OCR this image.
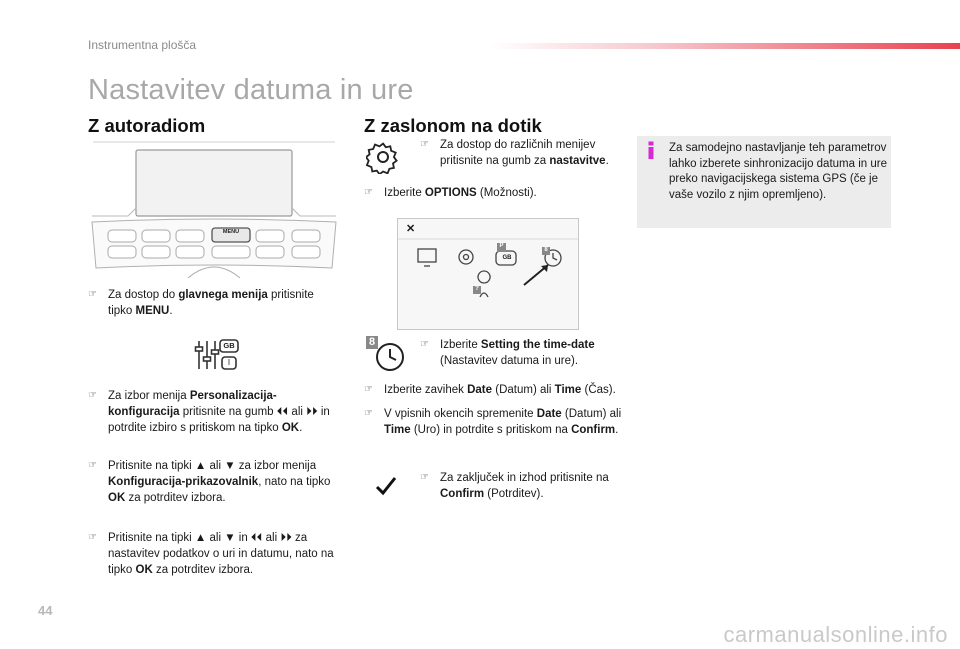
Instrumentna plošča
Nastavitev datuma in ure
Z autoradiom
MENU
☞ Za dostop do glavnega menija pritisnite tipko MENU.
GB
I
☞ Za izbor menija Personalizacija-konfiguracija pritisnite na gumb ⏴⏴ ali ⏵⏵ in potrdite izbiro s pritiskom na tipko OK.
☞ Pritisnite na tipki ▲ ali ▼ za izbor menija Konfiguracija-prikazovalnik, nato na tipko OK za potrditev izbora.
☞ Pritisnite na tipki ▲ ali ▼ in ⏴⏴ ali ⏵⏵ za nastavitev podatkov o uri in datumu, nato na tipko OK za potrditev izbora.
Z zaslonom na dotik
☞ Za dostop do različnih menijev pritisnite na gumb za nastavitve.
☞ Izberite OPTIONS (Možnosti).
✕
P
GB
8
?
8	☞ Izberite Setting the time-date (Nastavitev datuma in ure).
☞ Izberite zavihek Date (Datum) ali Time (Čas).
☞ V vpisnih okencih spremenite Date (Datum) ali Time (Uro) in potrdite s pritiskom na Confirm.
☞ Za zaključek in izhod pritisnite na Confirm (Potrditev).
Za samodejno nastavljanje teh parametrov lahko izberete sinhronizacijo datuma in ure preko navigacijskega sistema GPS (če je vaše vozilo z njim opremljeno).
44
carmanualsonline.info
